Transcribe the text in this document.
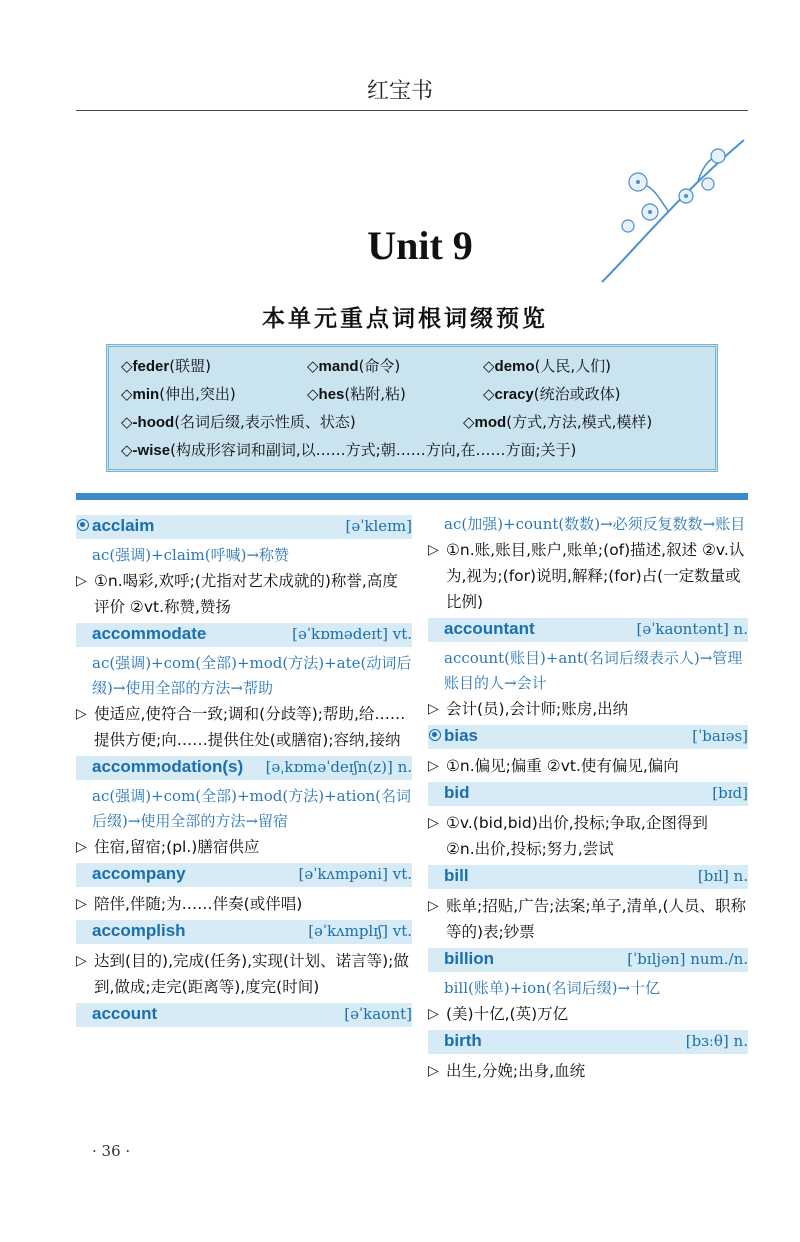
红宝书
Unit 9
本单元重点词根词缀预览
◇feder(联盟)	◇mand(命令)	◇demo(人民,人们)
◇min(伸出,突出)	◇hes(粘附,粘)	◇cracy(统治或政体)
◇-hood(名词后缀,表示性质、状态)	◇mod(方式,方法,模式,模样)
◇-wise(构成形容词和副词,以……方式;朝……方向,在……方面;关于)
acclaim	[əˈkleɪm]
ac(强调)+claim(呼喊)→称赞
▷ ①n.喝彩,欢呼;(尤指对艺术成就的)称誉,高度评价 ②vt.称赞,赞扬
accommodate	[əˈkɒmədeɪt] vt.
ac(强调)+com(全部)+mod(方法)+ate(动词后缀)→使用全部的方法→帮助
▷ 使适应,使符合一致;调和(分歧等);帮助,给……提供方便;向……提供住处(或膳宿);容纳,接纳
accommodation(s) [əˌkɒməˈdeɪʃn(z)] n.
ac(强调)+com(全部)+mod(方法)+ation(名词后缀)→使用全部的方法→留宿
▷ 住宿,留宿;(pl.)膳宿供应
accompany	[əˈkʌmpəni] vt.
▷ 陪伴,伴随;为……伴奏(或伴唱)
accomplish	[əˈkʌmplɪʃ] vt.
▷ 达到(目的),完成(任务),实现(计划、诺言等);做到,做成;走完(距离等),度完(时间)
account	[əˈkaʊnt]
ac(加强)+count(数数)→必须反复数数→账目
▷ ①n.账,账目,账户,账单;(of)描述,叙述 ②v.认为,视为;(for)说明,解释;(for)占(一定数量或比例)
accountant	[əˈkaʊntənt] n.
account(账目)+ant(名词后缀表示人)→管理账目的人→会计
▷ 会计(员),会计师;账房,出纳
bias	[ˈbaɪəs]
▷ ①n.偏见;偏重 ②vt.使有偏见,偏向
bid	[bɪd]
▷ ①v.(bid,bid)出价,投标;争取,企图得到
②n.出价,投标;努力,尝试
bill	[bɪl] n.
▷ 账单;招贴,广告;法案;单子,清单,(人员、职称等的)表;钞票
billion	[ˈbɪljən] num./n.
bill(账单)+ion(名词后缀)→十亿
▷ (美)十亿,(英)万亿
birth	[bɜːθ] n.
▷ 出生,分娩;出身,血统
· 36 ·
